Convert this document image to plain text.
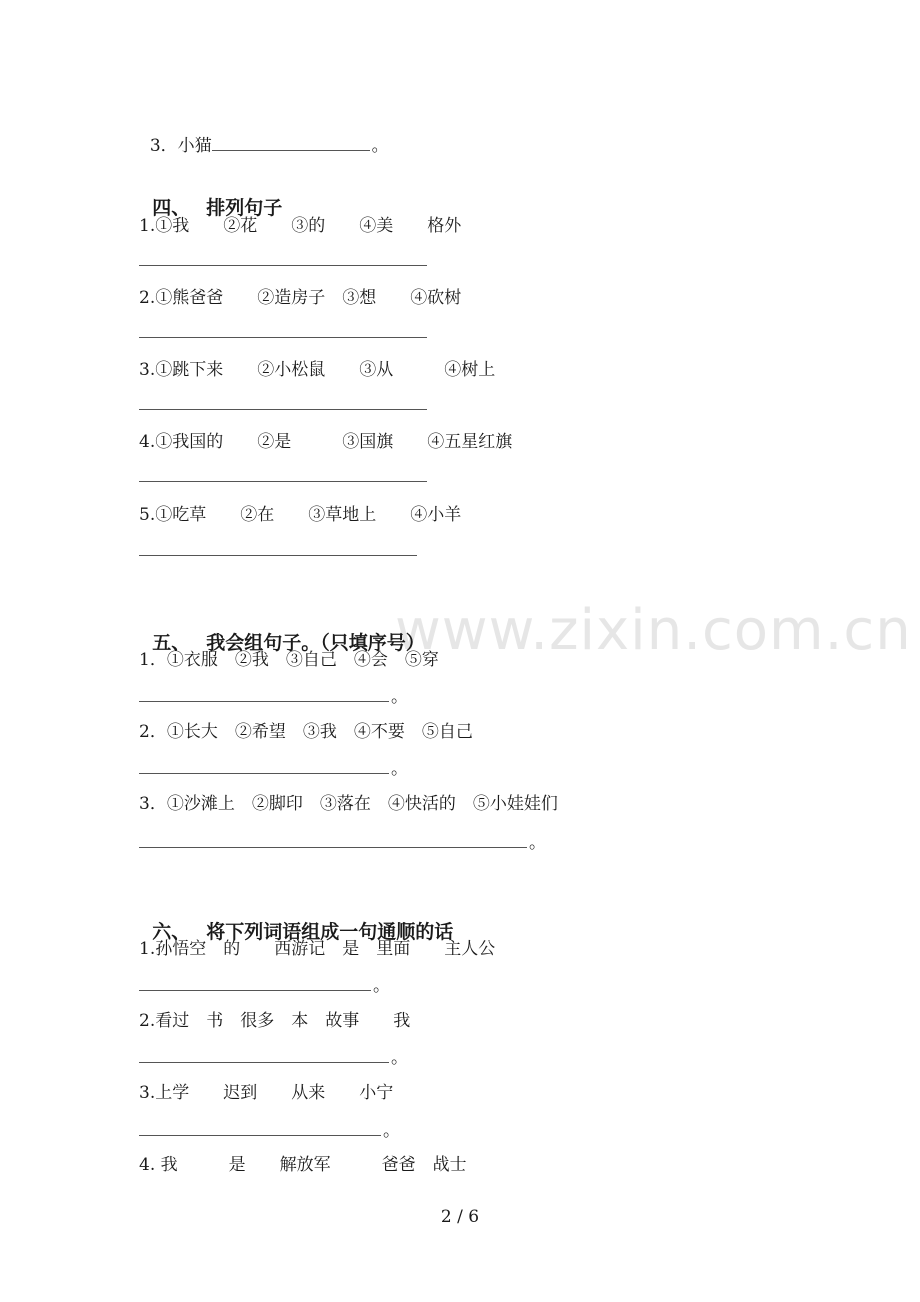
www.zixin.com.cn

3．小猫	。

四、 排列句子

1.①我　　②花　　③的　　④美　　格外
2.①熊爸爸　　②造房子　③想　　④砍树
3.①跳下来　　②小松鼠　　③从　　　④树上
4.①我国的　　②是　　　③国旗　　④五星红旗
5.①吃草　　②在　　③草地上　　④小羊

五、 我会组句子。（只填序号）

1．①衣服　②我　③自己　④会　⑤穿
。
2．①长大　②希望　③我　④不要　⑤自己
。
3．①沙滩上　②脚印　③落在　④快活的　⑤小娃娃们
。

六、 将下列词语组成一句通顺的话

1.孙悟空　的　　西游记　是　里面　　主人公
。
2.看过　书　很多　本　故事　　我
。
3.上学　　迟到　　从来　　小宁
。
4. 我　　　是　　解放军　　　爸爸　战士
2 / 6
